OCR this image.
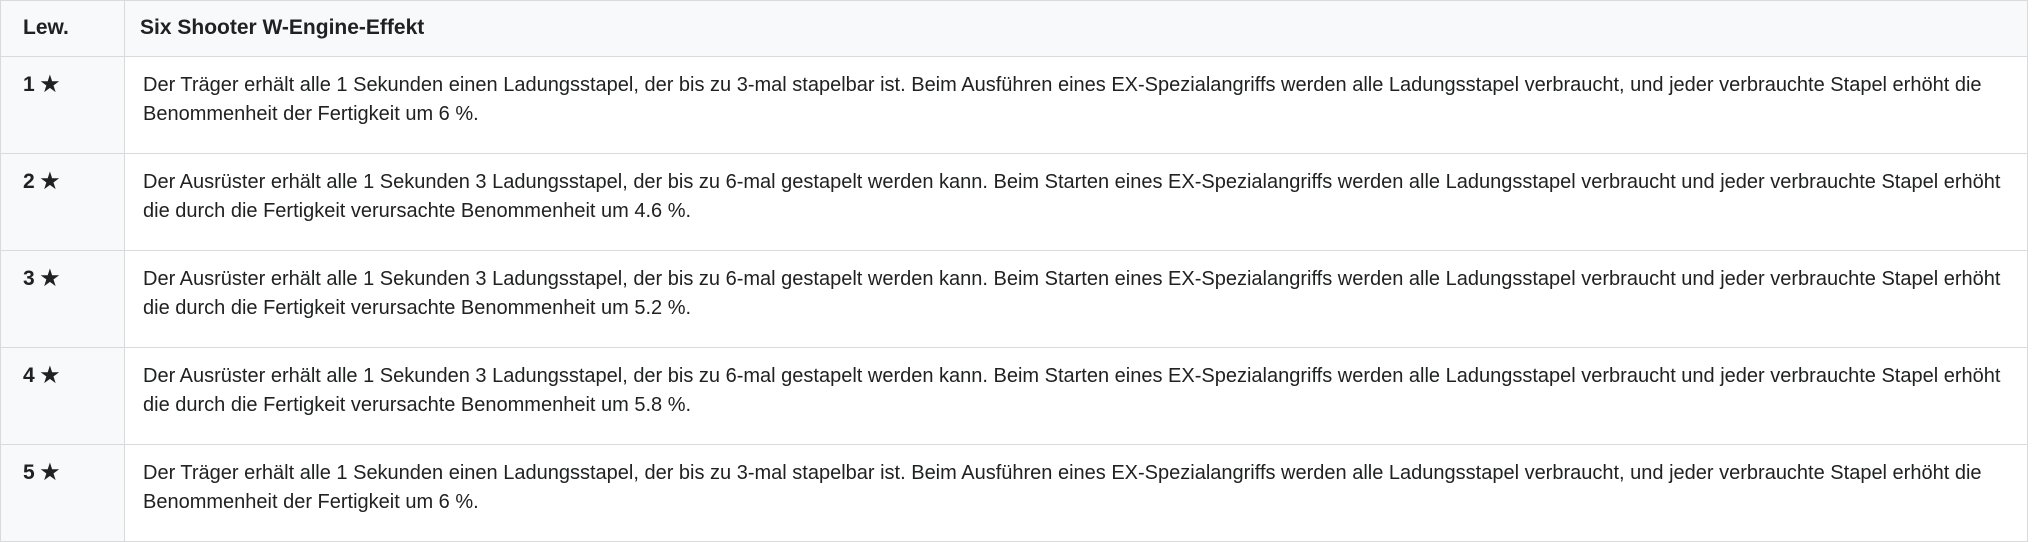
Lew.	Six Shooter W-Engine-Effekt
1 ★	Der Träger erhält alle 1 Sekunden einen Ladungsstapel, der bis zu 3-mal stapelbar ist. Beim Ausführen eines EX-Spezialangriffs werden alle Ladungsstapel verbraucht, und jeder verbrauchte Stapel erhöht die Benommenheit der Fertigkeit um 6 %.
2 ★	Der Ausrüster erhält alle 1 Sekunden 3 Ladungsstapel, der bis zu 6-mal gestapelt werden kann. Beim Starten eines EX-Spezialangriffs werden alle Ladungsstapel verbraucht und jeder verbrauchte Stapel erhöht die durch die Fertigkeit verursachte Benommenheit um 4.6 %.
3 ★	Der Ausrüster erhält alle 1 Sekunden 3 Ladungsstapel, der bis zu 6-mal gestapelt werden kann. Beim Starten eines EX-Spezialangriffs werden alle Ladungsstapel verbraucht und jeder verbrauchte Stapel erhöht die durch die Fertigkeit verursachte Benommenheit um 5.2 %.
4 ★	Der Ausrüster erhält alle 1 Sekunden 3 Ladungsstapel, der bis zu 6-mal gestapelt werden kann. Beim Starten eines EX-Spezialangriffs werden alle Ladungsstapel verbraucht und jeder verbrauchte Stapel erhöht die durch die Fertigkeit verursachte Benommenheit um 5.8 %.
5 ★	Der Träger erhält alle 1 Sekunden einen Ladungsstapel, der bis zu 3-mal stapelbar ist. Beim Ausführen eines EX-Spezialangriffs werden alle Ladungsstapel verbraucht, und jeder verbrauchte Stapel erhöht die Benommenheit der Fertigkeit um 6 %.
